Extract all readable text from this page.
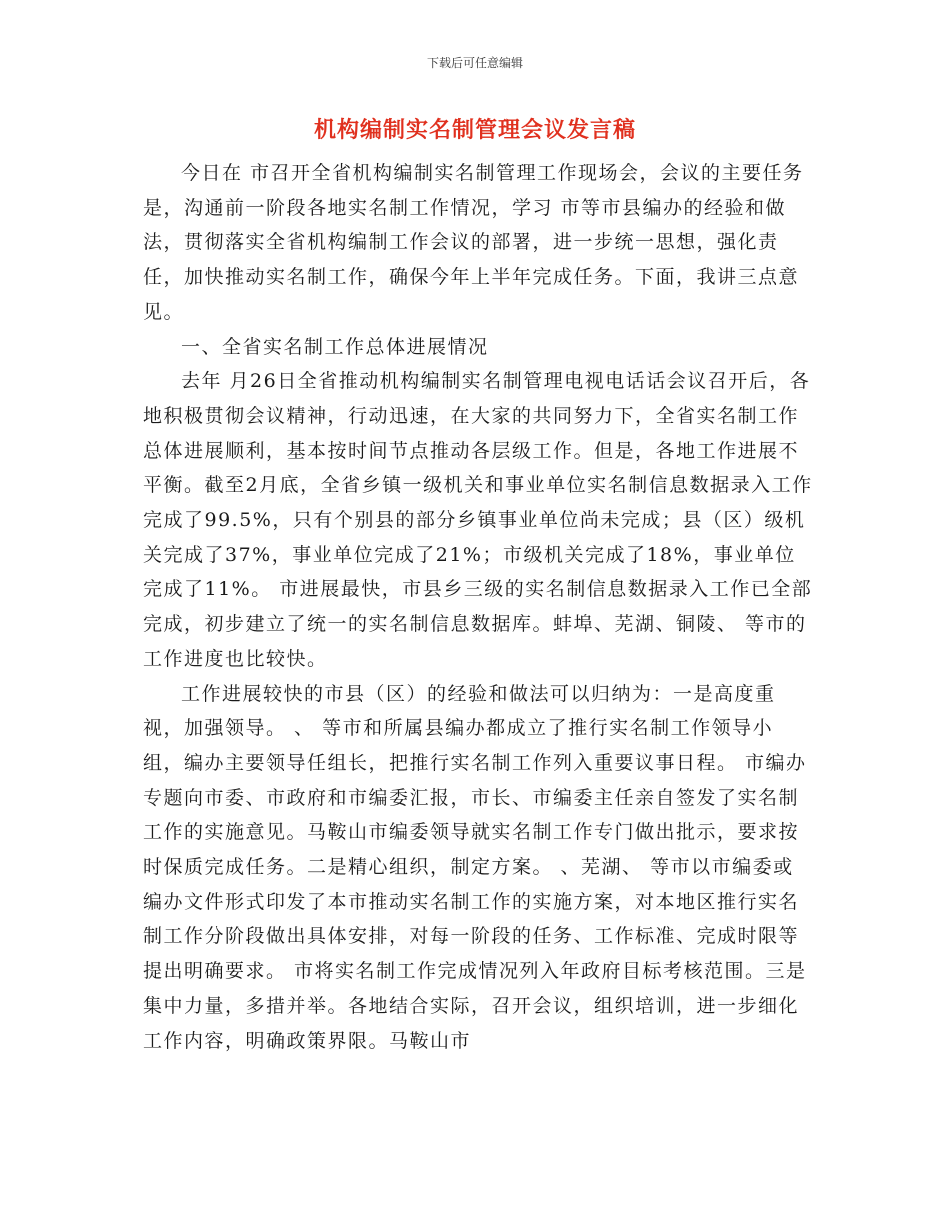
下载后可任意编辑
机构编制实名制管理会议发言稿

今日在 市召开全省机构编制实名制管理工作现场会，会议的主要任务是，沟通前一阶段各地实名制工作情况，学习 市等市县编办的经验和做法，贯彻落实全省机构编制工作会议的部署，进一步统一思想，强化责任，加快推动实名制工作，确保今年上半年完成任务。下面，我讲三点意见。

一、全省实名制工作总体进展情况

去年 月26日全省推动机构编制实名制管理电视电话话会议召开后，各地积极贯彻会议精神，行动迅速，在大家的共同努力下，全省实名制工作总体进展顺利，基本按时间节点推动各层级工作。但是，各地工作进展不平衡。截至2月底，全省乡镇一级机关和事业单位实名制信息数据录入工作完成了99.5%，只有个别县的部分乡镇事业单位尚未完成；县（区）级机关完成了37%，事业单位完成了21%；市级机关完成了18%，事业单位完成了11%。 市进展最快，市县乡三级的实名制信息数据录入工作已全部完成，初步建立了统一的实名制信息数据库。蚌埠、芜湖、铜陵、 等市的工作进度也比较快。

工作进展较快的市县（区）的经验和做法可以归纳为：一是高度重视，加强领导。 、 等市和所属县编办都成立了推行实名制工作领导小组，编办主要领导任组长，把推行实名制工作列入重要议事日程。 市编办专题向市委、市政府和市编委汇报，市长、市编委主任亲自签发了实名制工作的实施意见。马鞍山市编委领导就实名制工作专门做出批示，要求按时保质完成任务。二是精心组织，制定方案。 、芜湖、 等市以市编委或编办文件形式印发了本市推动实名制工作的实施方案，对本地区推行实名制工作分阶段做出具体安排，对每一阶段的任务、工作标准、完成时限等提出明确要求。 市将实名制工作完成情况列入年政府目标考核范围。三是集中力量，多措并举。各地结合实际，召开会议，组织培训，进一步细化工作内容，明确政策界限。马鞍山市
